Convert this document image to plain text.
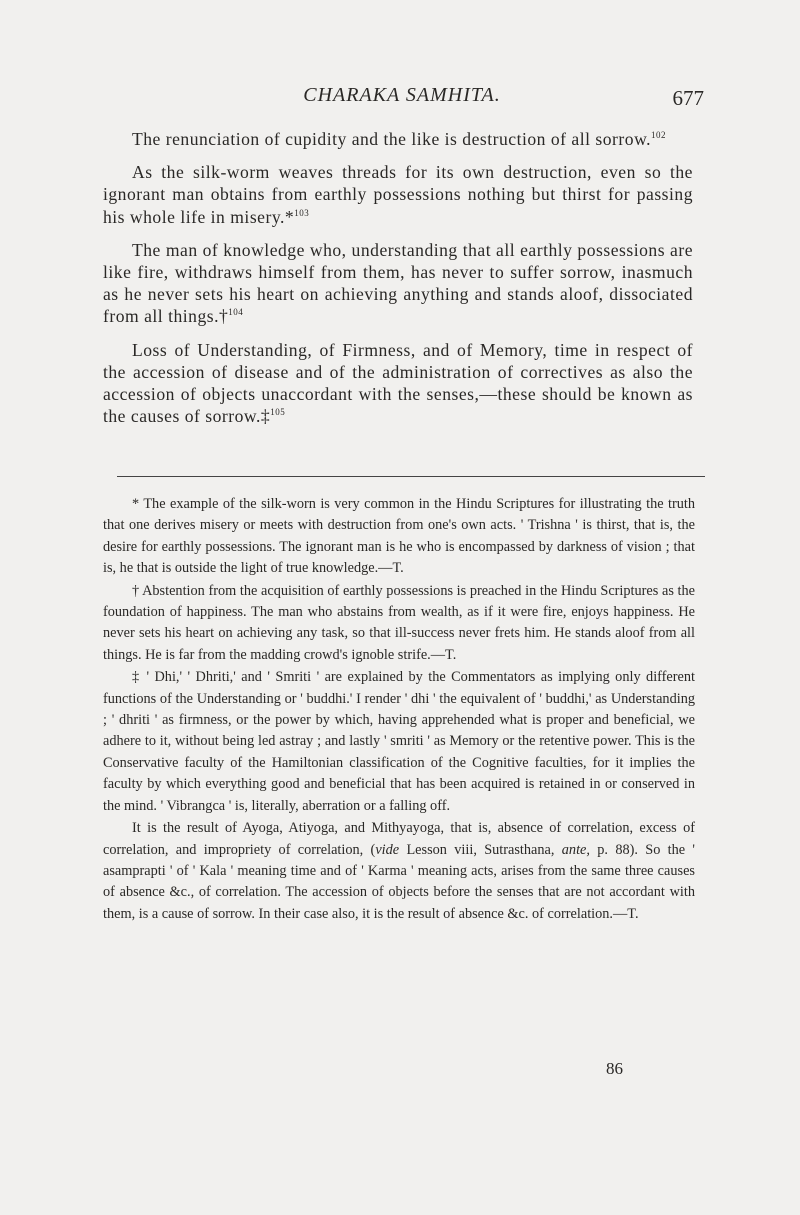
CHARAKA SAMHITA.	677

The renunciation of cupidity and the like is destruction of all sorrow.$^{102}$

As the silk-worm weaves threads for its own destruction, even so the ignorant man obtains from earthly possessions nothing but thirst for passing his whole life in misery.*$^{103}$

The man of knowledge who, understanding that all earthly possessions are like fire, withdraws himself from them, has never to suffer sorrow, inasmuch as he never sets his heart on achieving anything and stands aloof, dissociated from all things.†$^{104}$

Loss of Understanding, of Firmness, and of Memory, time in respect of the accession of disease and of the administration of correctives as also the accession of objects unaccordant with the senses,—these should be known as the causes of sorrow.‡$^{105}$

* The example of the silk-worn is very common in the Hindu Scriptures for illustrating the truth that one derives misery or meets with destruction from one's own acts. ' Trishna ' is thirst, that is, the desire for earthly possessions. The ignorant man is he who is encompassed by darkness of vision ; that is, he that is outside the light of true knowledge.—T.

† Abstention from the acquisition of earthly possessions is preached in the Hindu Scriptures as the foundation of happiness. The man who abstains from wealth, as if it were fire, enjoys happiness. He never sets his heart on achieving any task, so that ill-success never frets him. He stands aloof from all things. He is far from the madding crowd's ignoble strife.—T.

‡ ' Dhi,' ' Dhriti,' and ' Smriti ' are explained by the Commentators as implying only different functions of the Understanding or ' buddhi.' I render ' dhi ' the equivalent of ' buddhi,' as Understanding ; ' dhriti ' as firmness, or the power by which, having apprehended what is proper and beneficial, we adhere to it, without being led astray ; and lastly ' smriti ' as Memory or the retentive power. This is the Conservative faculty of the Hamiltonian classification of the Cognitive faculties, for it implies the faculty by which everything good and beneficial that has been acquired is retained in or conserved in the mind. ' Vibrangca ' is, literally, aberration or a falling off.

It is the result of Ayoga, Atiyoga, and Mithyayoga, that is, absence of correlation, excess of correlation, and impropriety of correlation, (vide Lesson viii, Sutrasthana, ante, p. 88). So the ' asamprapti ' of ' Kala ' meaning time and of ' Karma ' meaning acts, arises from the same three causes of absence &c., of correlation. The accession of objects before the senses that are not accordant with them, is a cause of sorrow. In their case also, it is the result of absence &c. of correlation.—T.

86
